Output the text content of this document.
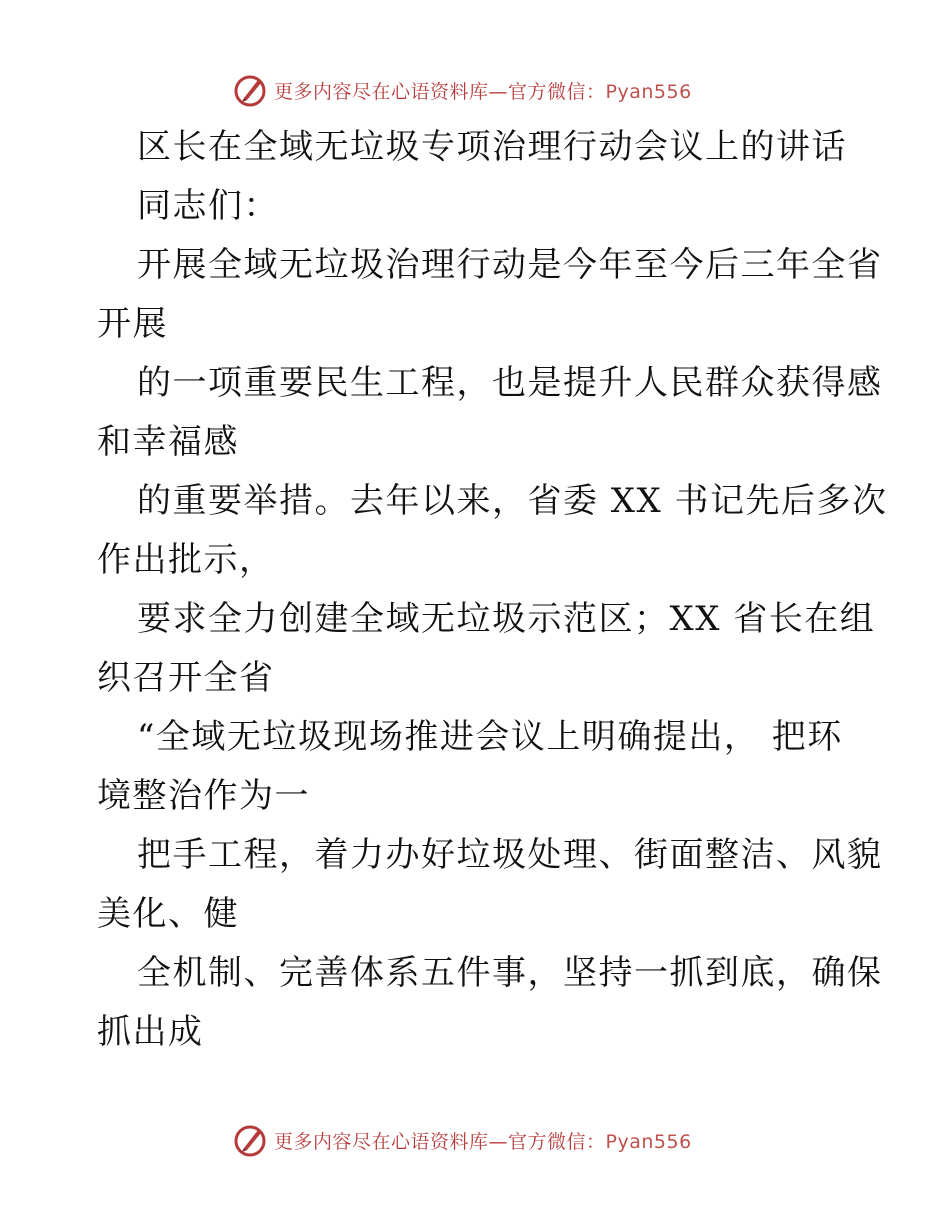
更多内容尽在心语资料库—官方微信：Pyan556
区长在全域无垃圾专项治理行动会议上的讲话
同志们：
开展全域无垃圾治理行动是今年至今后三年全省
开展
的一项重要民生工程，也是提升人民群众获得感
和幸福感
的重要举措。去年以来，省委 XX 书记先后多次
作出批示，
要求全力创建全域无垃圾示范区；XX 省长在组
织召开全省
“全域无垃圾现场推进会议上明确提出， 把环
境整治作为一
把手工程，着力办好垃圾处理、街面整洁、风貌
美化、健
全机制、完善体系五件事，坚持一抓到底，确保
抓出成
更多内容尽在心语资料库—官方微信：Pyan556
